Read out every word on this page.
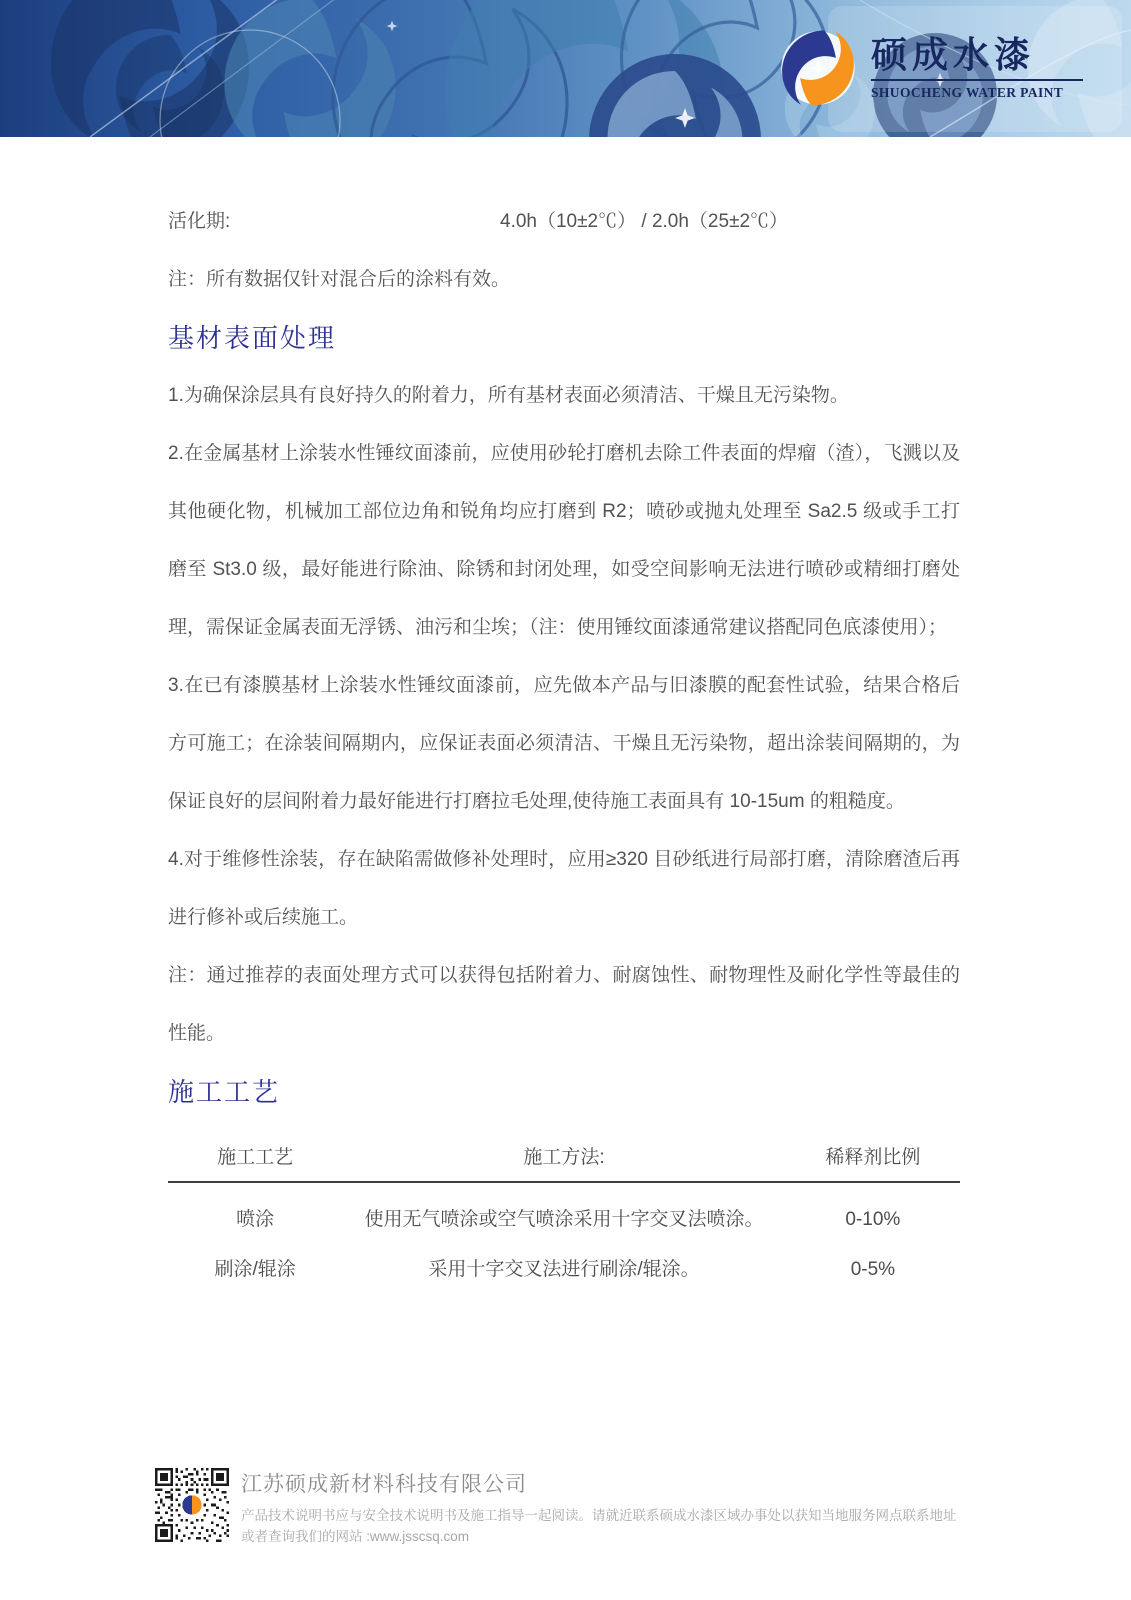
硕成水漆
SHUOCHENG WATER PAINT
活化期:	4.0h（10±2℃） / 2.0h（25±2℃）
注：所有数据仅针对混合后的涂料有效。
基材表面处理

1.为确保涂层具有良好持久的附着力，所有基材表面必须清洁、干燥且无污染物。

2.在金属基材上涂装水性锤纹面漆前，应使用砂轮打磨机去除工件表面的焊瘤（渣），飞溅以及其他硬化物，机械加工部位边角和锐角均应打磨到 R2；喷砂或抛丸处理至 Sa2.5 级或手工打磨至 St3.0 级，最好能进行除油、除锈和封闭处理，如受空间影响无法进行喷砂或精细打磨处理，需保证金属表面无浮锈、油污和尘埃；（注：使用锤纹面漆通常建议搭配同色底漆使用）；

3.在已有漆膜基材上涂装水性锤纹面漆前，应先做本产品与旧漆膜的配套性试验，结果合格后方可施工；在涂装间隔期内，应保证表面必须清洁、干燥且无污染物，超出涂装间隔期的，为保证良好的层间附着力最好能进行打磨拉毛处理,使待施工表面具有 10-15um 的粗糙度。

4.对于维修性涂装，存在缺陷需做修补处理时，应用≥320 目砂纸进行局部打磨，清除磨渣后再进行修补或后续施工。

注：通过推荐的表面处理方式可以获得包括附着力、耐腐蚀性、耐物理性及耐化学性等最佳的性能。

施工工艺
施工工艺	施工方法:	稀释剂比例
喷涂	使用无气喷涂或空气喷涂采用十字交叉法喷涂。	0-10%
刷涂/辊涂	采用十字交叉法进行刷涂/辊涂。	0-5%
江苏硕成新材料科技有限公司
产品技术说明书应与安全技术说明书及施工指导一起阅读。请就近联系硕成水漆区域办事处以获知当地服务网点联系地址
或者查询我们的网站 :www.jsscsq.com
